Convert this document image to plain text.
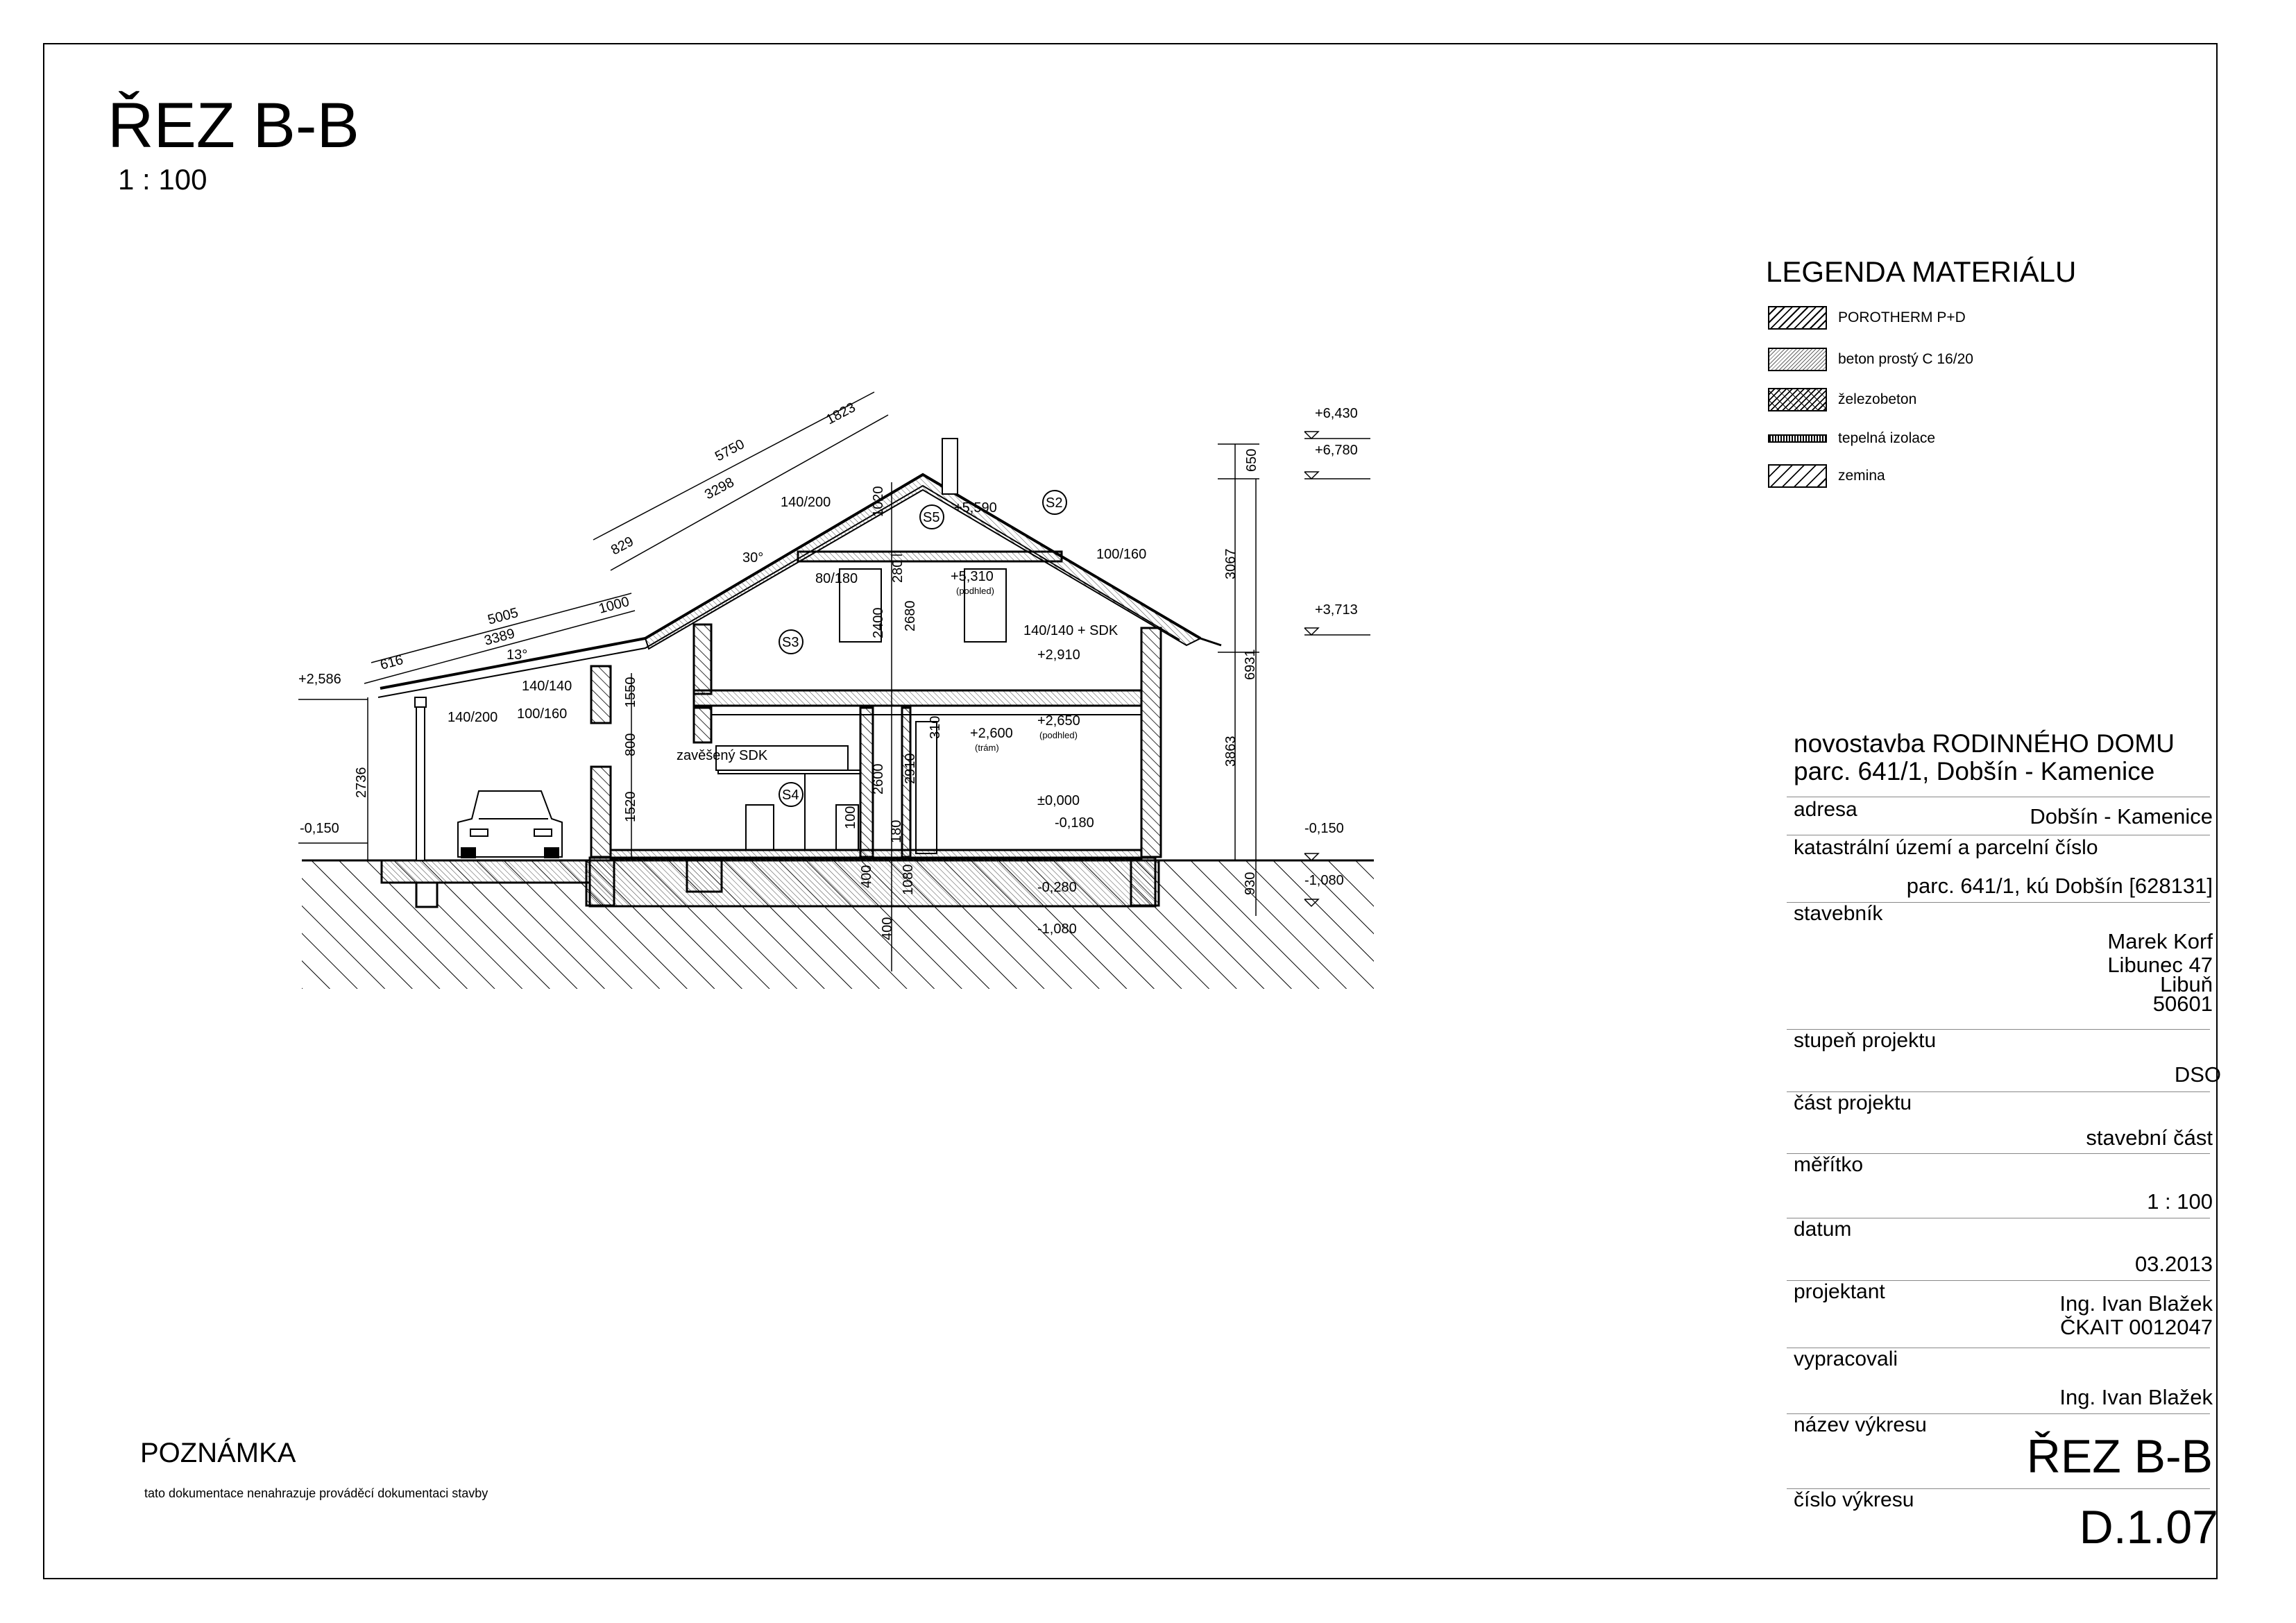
ŘEZ B-B
1 : 100
LEGENDA MATERIÁLU
POROTHERM P+D
beton prostý C 16/20
železobeton
tepelná izolace
zemina
5750
1823
3298
829
5005	1000
3389
616
30°
13°
140/200
100/160
80/180
140/140 + SDK
140/140
100/160
140/200
+6,430
+6,780
+5,590
+5,310
+3,713
+2,910
+2,650
+2,600
+2,586
±0,000
-0,150	-0,150
-0,180
-0,280	-1,080
-1,080
(podhled)
(podhled)
(trám)
S5
S2
S3
S4
zavěšený SDK
650
3067
6931
3863
930
2736
1550
800
1520
2400 2680
280
1020
310
2600 2910
100
180
400 1080
400
POZNÁMKA
tato dokumentace nenahrazuje prováděcí dokumentaci stavby
novostavba RODINNÉHO DOMU
parc. 641/1, Dobšín - Kamenice
adresa	Dobšín - Kamenice
katastrální území a parcelní číslo
parc. 641/1, kú Dobšín [628131]
stavebník
Marek Korf
Libunec 47
Libuň
50601
stupeň projektu
DSO
část projektu
stavební část
měřítko
1 : 100
datum
03.2013
projektant	Ing. Ivan Blažek
ČKAIT 0012047
vypracovali
Ing. Ivan Blažek
název výkresu
ŘEZ B-B
číslo výkresu
D.1.07
